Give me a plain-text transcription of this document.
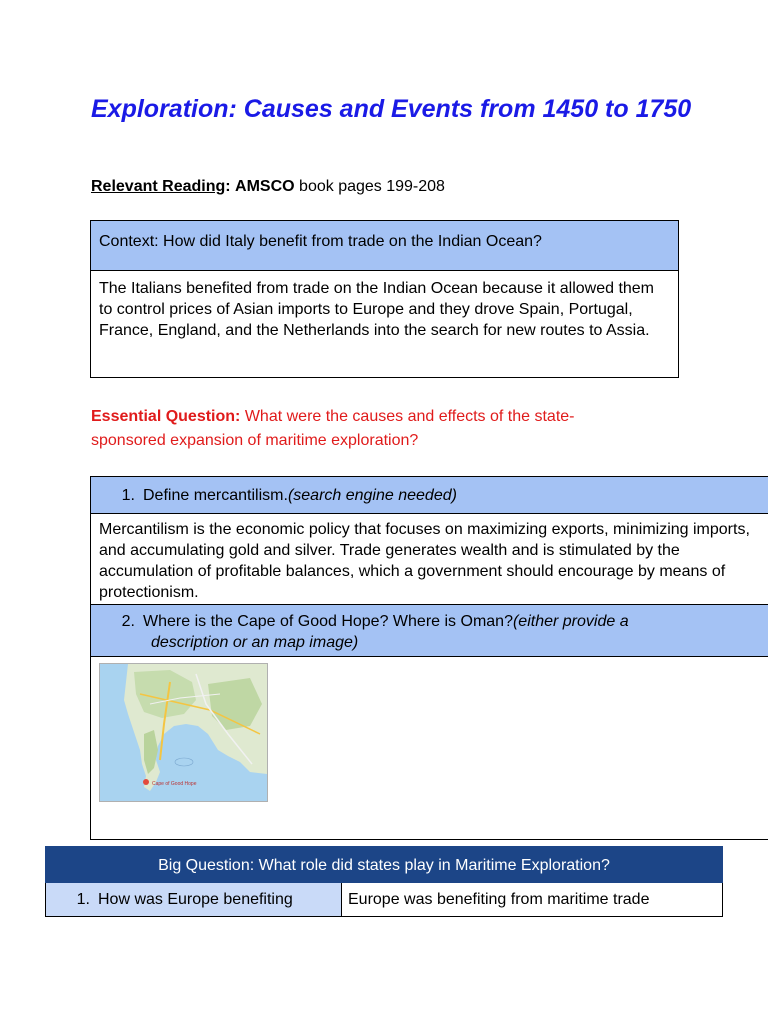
Exploration: Causes and Events from 1450 to 1750
Relevant Reading: AMSCO book pages 199-208
Context: How did Italy benefit from trade on the Indian Ocean?
The Italians benefited from trade on the Indian Ocean because it allowed them to control prices of Asian imports to Europe and they drove Spain, Portugal, France, England, and the Netherlands into the search for new routes to Assia.
Essential Question: What were the causes and effects of the state-sponsored expansion of maritime exploration?
1. Define mercantilism.(search engine needed)
Mercantilism is the economic policy that focuses on maximizing exports, minimizing imports, and accumulating gold and silver. Trade generates wealth and is stimulated by the accumulation of profitable balances, which a government should encourage by means of protectionism.

2. Where is the Cape of Good Hope? Where is Oman?(either provide a
description or an map image)

Cape of Good Hope
Big Question: What role did states play in Maritime Exploration?
1. How was Europe benefiting	Europe was benefiting from maritime trade
